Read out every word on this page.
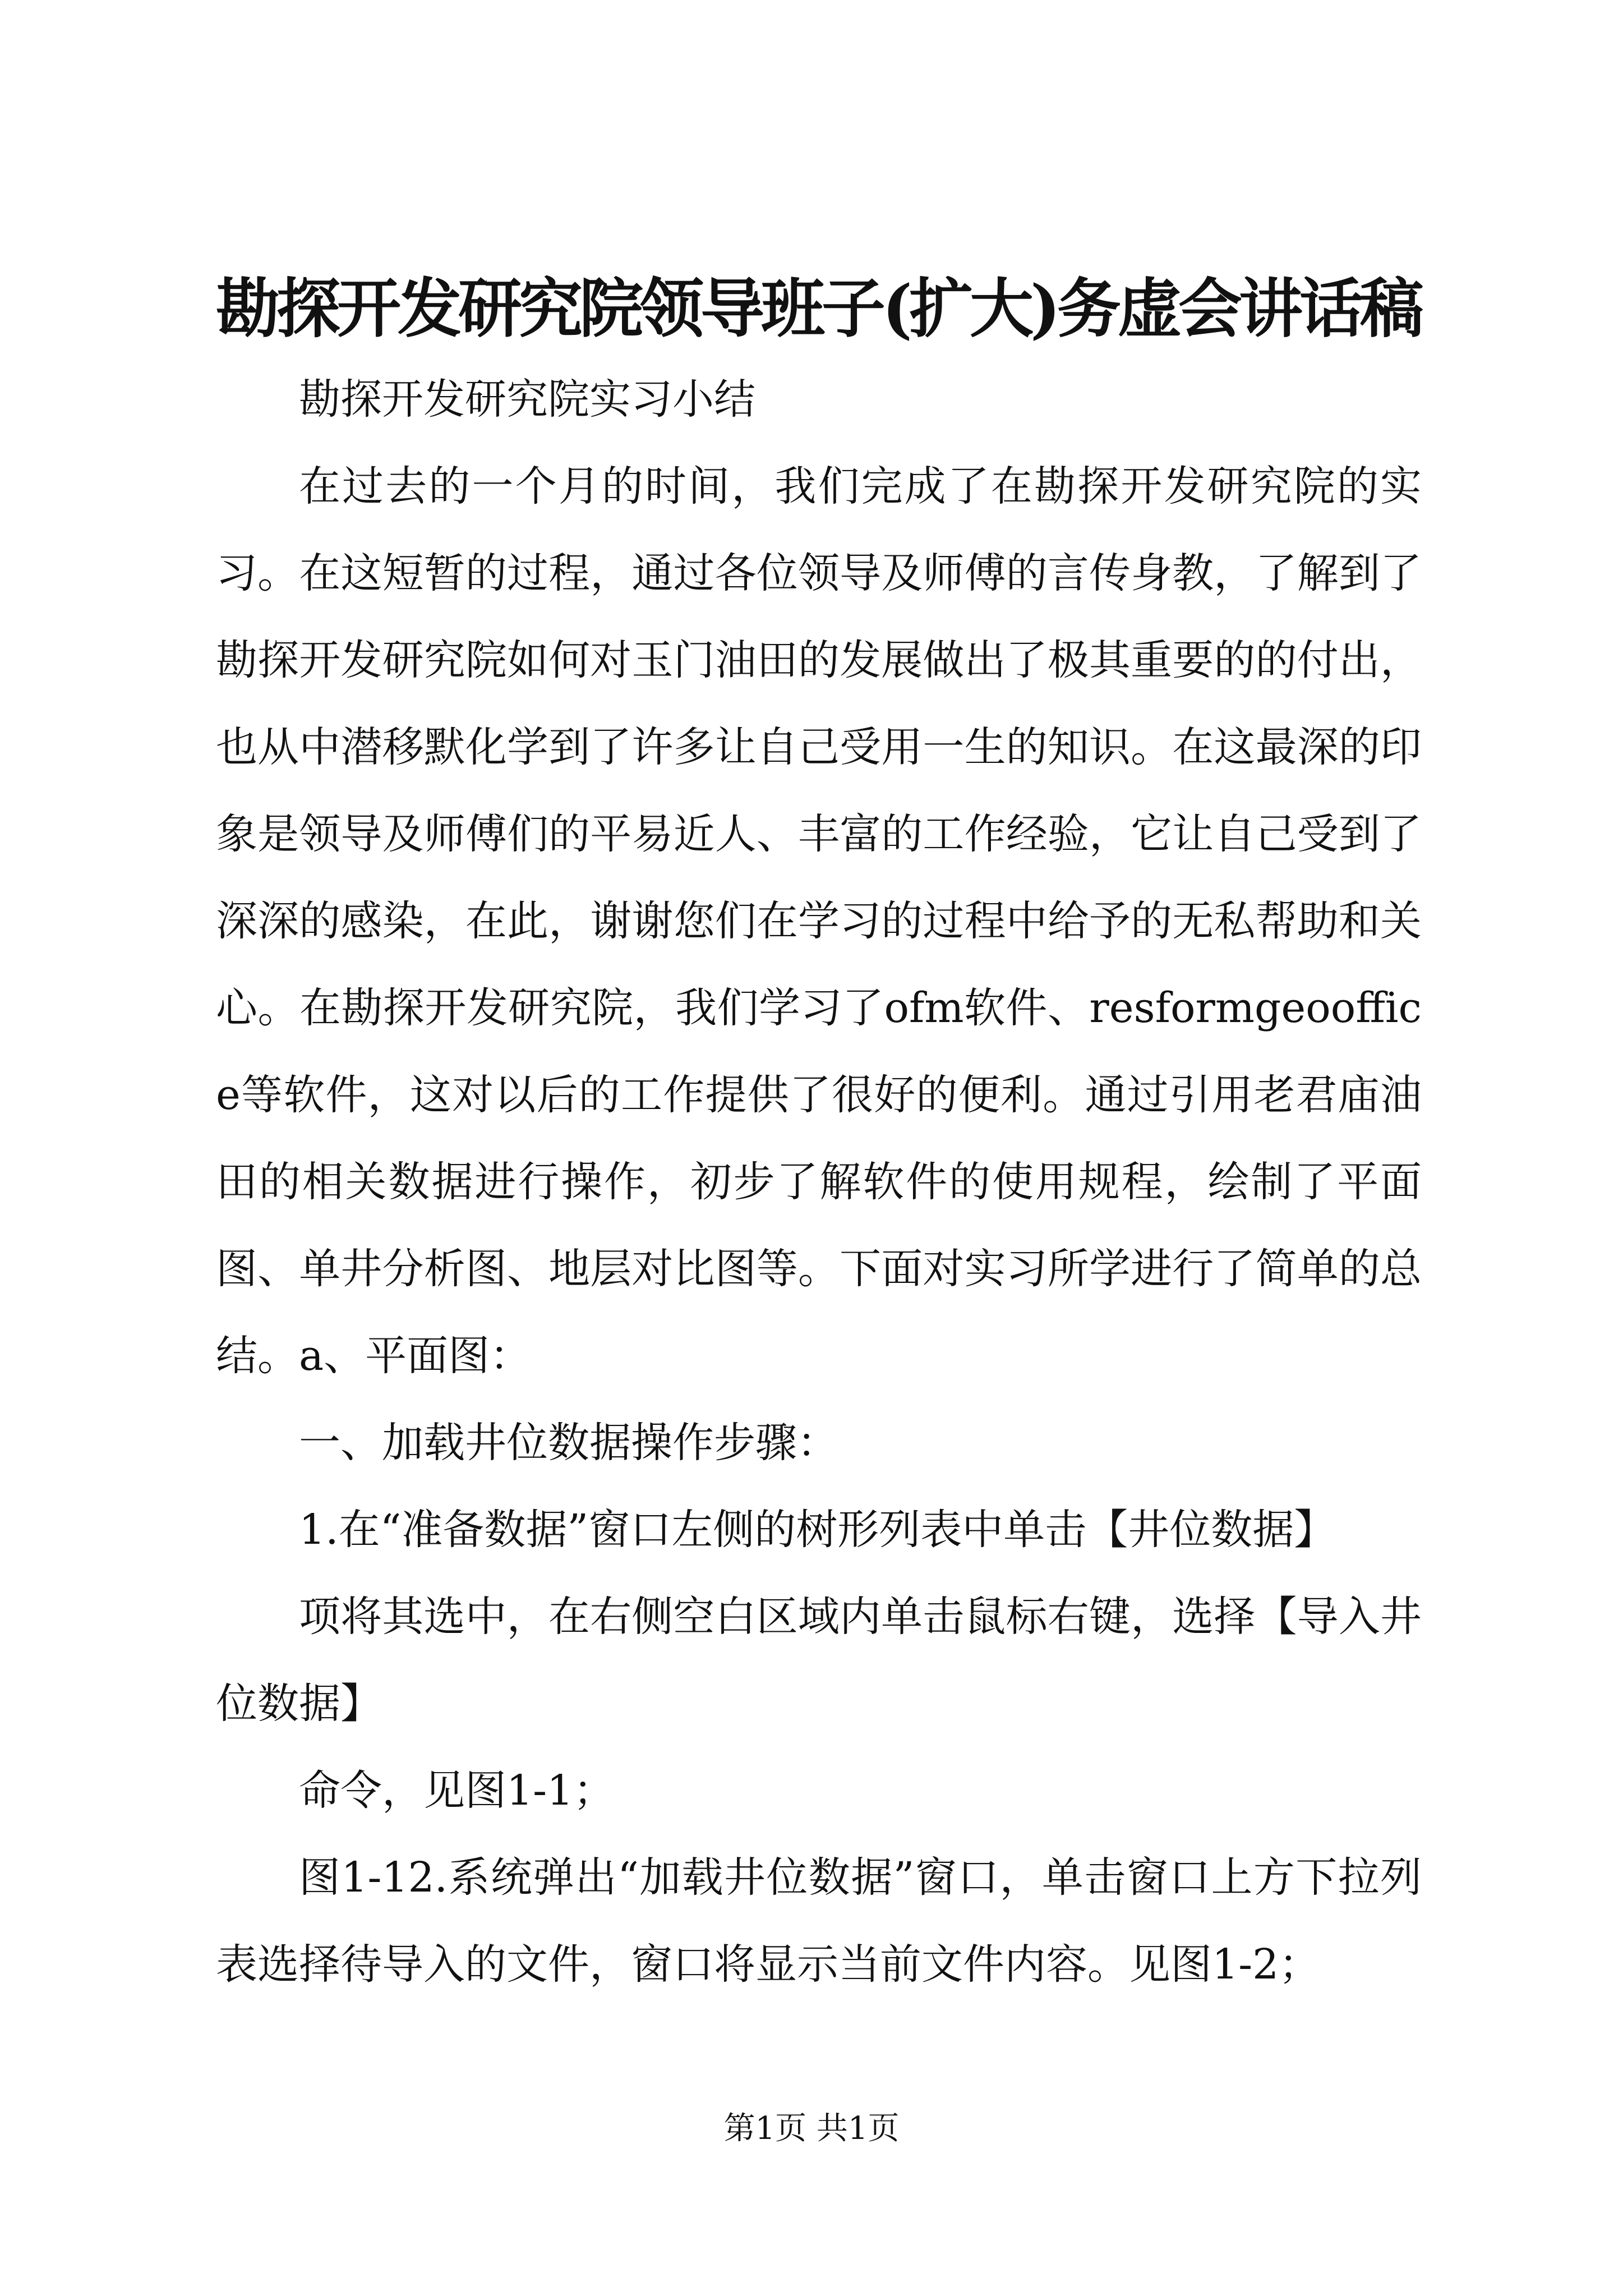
勘探开发研究院领导班子(扩大)务虚会讲话稿

勘探开发研究院实习小结

在过去的一个月的时间，我们完成了在勘探开发研究院的实习。在这短暂的过程，通过各位领导及师傅的言传身教，了解到了勘探开发研究院如何对玉门油田的发展做出了极其重要的的付出，也从中潜移默化学到了许多让自己受用一生的知识。在这最深的印象是领导及师傅们的平易近人、丰富的工作经验，它让自己受到了深深的感染，在此，谢谢您们在学习的过程中给予的无私帮助和关心。在勘探开发研究院，我们学习了ofm软件、resformgeooffice等软件，这对以后的工作提供了很好的便利。通过引用老君庙油田的相关数据进行操作，初步了解软件的使用规程，绘制了平面图、单井分析图、地层对比图等。下面对实习所学进行了简单的总结。a、平面图：

一、加载井位数据操作步骤：

1.在“准备数据”窗口左侧的树形列表中单击【井位数据】

项将其选中，在右侧空白区域内单击鼠标右键，选择【导入井位数据】

命令，见图1-1；

图1-12.系统弹出“加载井位数据”窗口，单击窗口上方下拉列表选择待导入的文件，窗口将显示当前文件内容。见图1-2；

第1页 共1页
